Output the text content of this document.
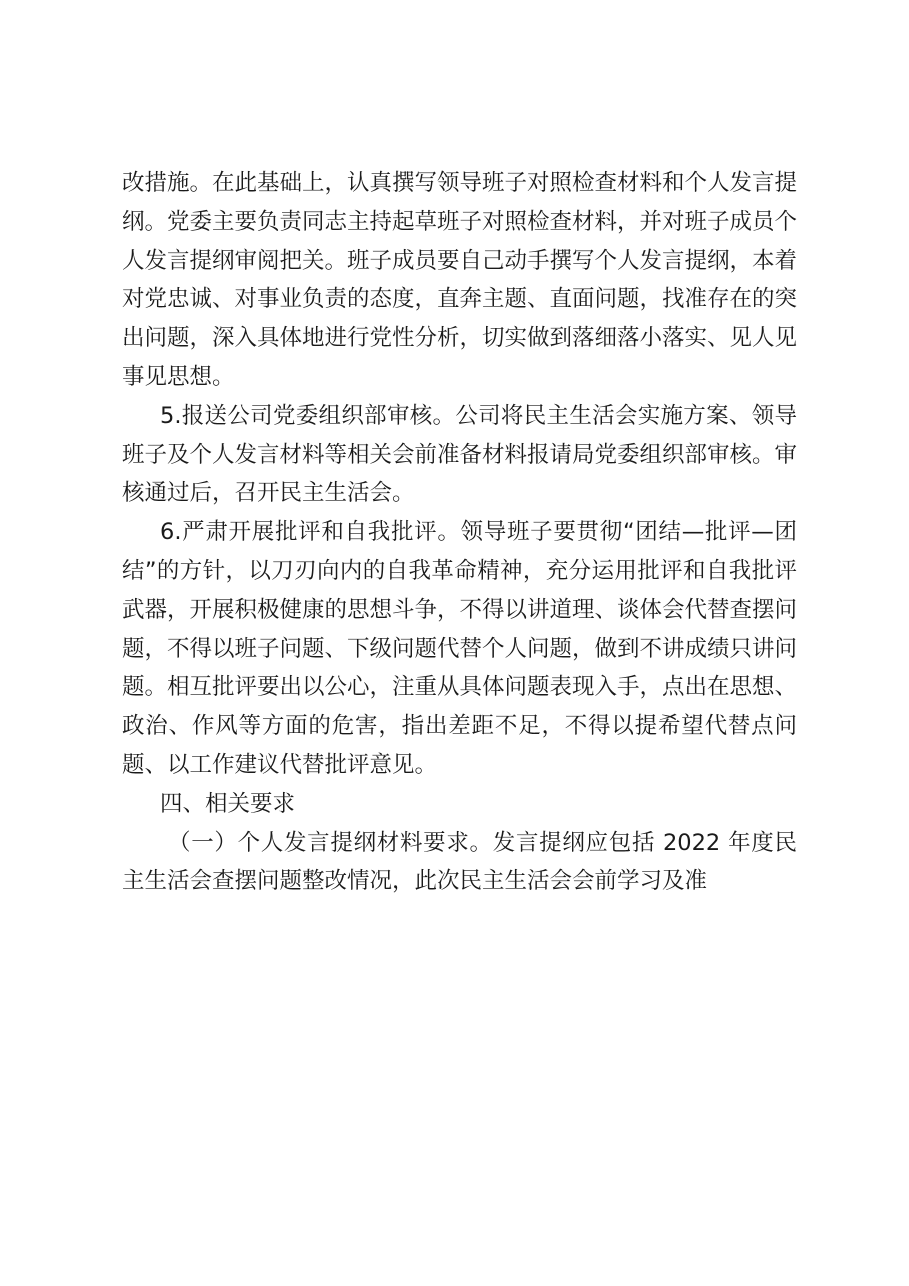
改措施。在此基础上，认真撰写领导班子对照检查材料和个人发言提纲。党委主要负责同志主持起草班子对照检查材料，并对班子成员个人发言提纲审阅把关。班子成员要自己动手撰写个人发言提纲，本着对党忠诚、对事业负责的态度，直奔主题、直面问题，找准存在的突出问题，深入具体地进行党性分析，切实做到落细落小落实、见人见事见思想。

5.报送公司党委组织部审核。公司将民主生活会实施方案、领导班子及个人发言材料等相关会前准备材料报请局党委组织部审核。审核通过后，召开民主生活会。

6.严肃开展批评和自我批评。领导班子要贯彻“团结—批评—团结”的方针，以刀刃向内的自我革命精神，充分运用批评和自我批评武器，开展积极健康的思想斗争，不得以讲道理、谈体会代替查摆问题，不得以班子问题、下级问题代替个人问题，做到不讲成绩只讲问题。相互批评要出以公心，注重从具体问题表现入手，点出在思想、政治、作风等方面的危害，指出差距不足，不得以提希望代替点问题、以工作建议代替批评意见。

四、相关要求

（一）个人发言提纲材料要求。发言提纲应包括 2022 年度民主生活会查摆问题整改情况，此次民主生活会会前学习及准
